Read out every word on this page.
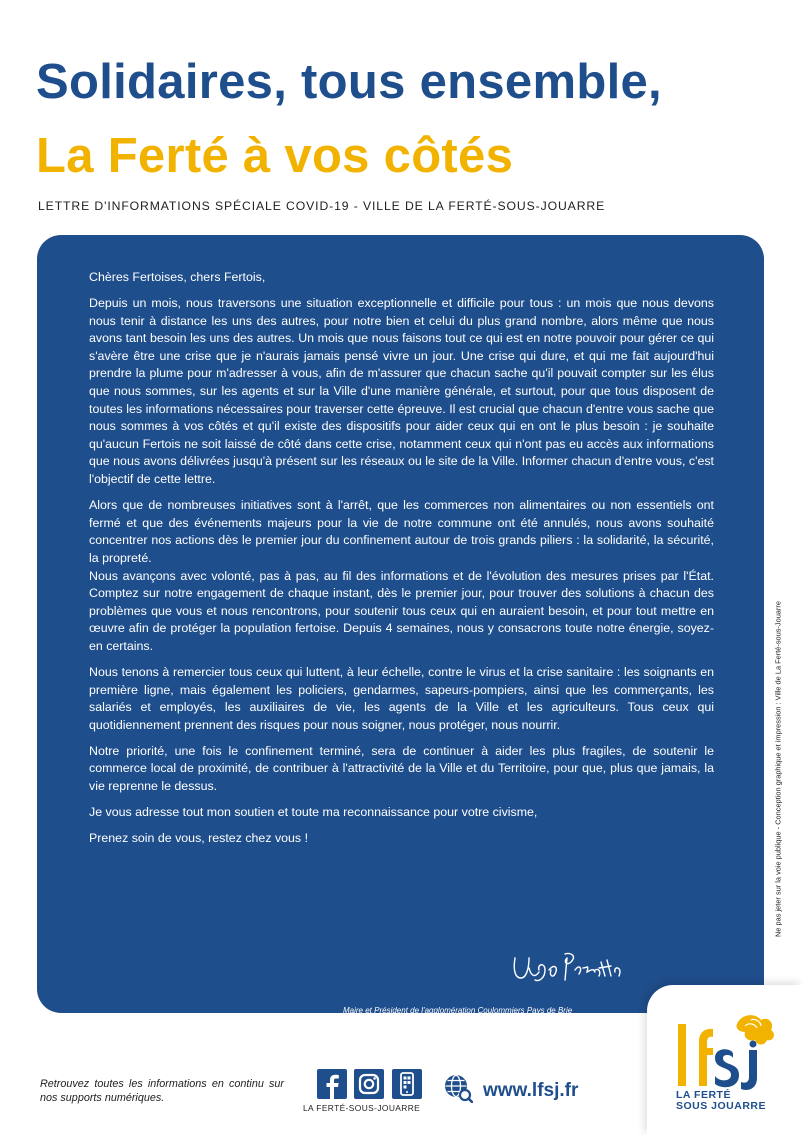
Solidaires, tous ensemble,
La Ferté à vos côtés
LETTRE D'INFORMATIONS SPÉCIALE COVID-19 - VILLE DE LA FERTÉ-SOUS-JOUARRE

Chères Fertoises, chers Fertois,

Depuis un mois, nous traversons une situation exceptionnelle et difficile pour tous : un mois que nous devons nous tenir à distance les uns des autres, pour notre bien et celui du plus grand nombre, alors même que nous avons tant besoin les uns des autres. Un mois que nous faisons tout ce qui est en notre pouvoir pour gérer ce qui s'avère être une crise que je n'aurais jamais pensé vivre un jour. Une crise qui dure, et qui me fait aujourd'hui prendre la plume pour m'adresser à vous, afin de m'assurer que chacun sache qu'il pouvait compter sur les élus que nous sommes, sur les agents et sur la Ville d'une manière générale, et surtout, pour que tous disposent de toutes les informations nécessaires pour traverser cette épreuve. Il est crucial que chacun d'entre vous sache que nous sommes à vos côtés et qu'il existe des dispositifs pour aider ceux qui en ont le plus besoin : je souhaite qu'aucun Fertois ne soit laissé de côté dans cette crise, notamment ceux qui n'ont pas eu accès aux informations que nous avons délivrées jusqu'à présent sur les réseaux ou le site de la Ville. Informer chacun d'entre vous, c'est l'objectif de cette lettre.

Alors que de nombreuses initiatives sont à l'arrêt, que les commerces non alimentaires ou non essentiels ont fermé et que des événements majeurs pour la vie de notre commune ont été annulés, nous avons souhaité concentrer nos actions dès le premier jour du confinement autour de trois grands piliers : la solidarité, la sécurité, la propreté.

Nous avançons avec volonté, pas à pas, au fil des informations et de l'évolution des mesures prises par l'État. Comptez sur notre engagement de chaque instant, dès le premier jour, pour trouver des solutions à chacun des problèmes que vous et nous rencontrons, pour soutenir tous ceux qui en auraient besoin, et pour tout mettre en œuvre afin de protéger la population fertoise. Depuis 4 semaines, nous y consacrons toute notre énergie, soyez-en certains.

Nous tenons à remercier tous ceux qui luttent, à leur échelle, contre le virus et la crise sanitaire : les soignants en première ligne, mais également les policiers, gendarmes, sapeurs-pompiers, ainsi que les commerçants, les salariés et employés, les auxiliaires de vie, les agents de la Ville et les agriculteurs. Tous ceux qui quotidiennement prennent des risques pour nous soigner, nous protéger, nous nourrir.

Notre priorité, une fois le confinement terminé, sera de continuer à aider les plus fragiles, de soutenir le commerce local de proximité, de contribuer à l'attractivité de la Ville et du Territoire, pour que, plus que jamais, la vie reprenne le dessus.

Je vous adresse tout mon soutien et toute ma reconnaissance pour votre civisme,

Prenez soin de vous, restez chez vous !

Maire et Président de l'agglomération Coulommiers Pays de Brie
Ne pas jeter sur la voie publique - Conception graphique et impression : Ville de La Ferté-sous-Jouarre
Retrouvez toutes les informations en continu sur nos supports numériques.

LA FERTÉ-SOUS-JOUARRE
www.lfsj.fr	LA FERTÉ
SOUS JOUARRE
